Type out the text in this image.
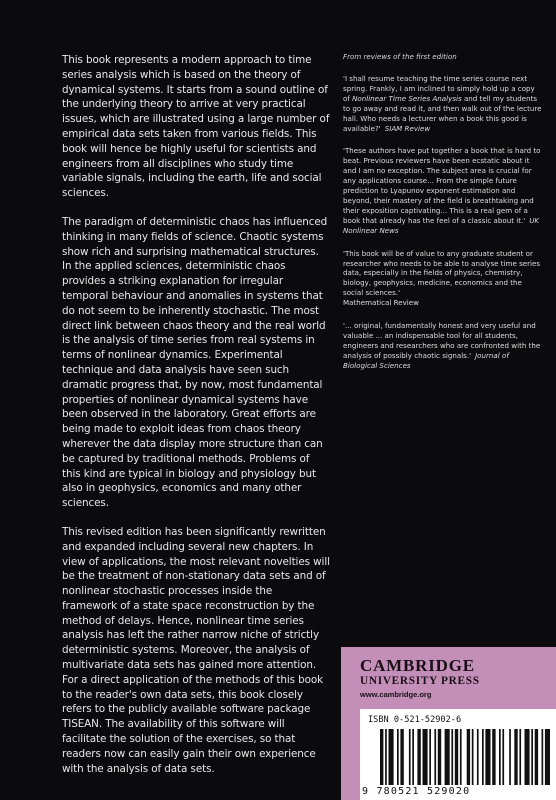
This book represents a modern approach to time series analysis which is based on the theory of dynamical systems. It starts from a sound outline of the underlying theory to arrive at very practical issues, which are illustrated using a large number of empirical data sets taken from various fields. This book will hence be highly useful for scientists and engineers from all disciplines who study time variable signals, including the earth, life and social sciences.

The paradigm of deterministic chaos has influenced thinking in many fields of science. Chaotic systems show rich and surprising mathematical structures. In the applied sciences, deterministic chaos provides a striking explanation for irregular temporal behaviour and anomalies in systems that do not seem to be inherently stochastic. The most direct link between chaos theory and the real world is the analysis of time series from real systems in terms of nonlinear dynamics. Experimental technique and data analysis have seen such dramatic progress that, by now, most fundamental properties of nonlinear dynamical systems have been observed in the laboratory. Great efforts are being made to exploit ideas from chaos theory wherever the data display more structure than can be captured by traditional methods. Problems of this kind are typical in biology and physiology but also in geophysics, economics and many other sciences.

This revised edition has been significantly rewritten and expanded including several new chapters. In view of applications, the most relevant novelties will be the treatment of non-stationary data sets and of nonlinear stochastic processes inside the framework of a state space reconstruction by the method of delays. Hence, nonlinear time series analysis has left the rather narrow niche of strictly deterministic systems. Moreover, the analysis of multivariate data sets has gained more attention. For a direct application of the methods of this book to the reader's own data sets, this book closely refers to the publicly available software package TISEAN. The availability of this software will facilitate the solution of the exercises, so that readers now can easily gain their own experience with the analysis of data sets.

From reviews of the first edition
'I shall resume teaching the time series course next spring. Frankly, I am inclined to simply hold up a copy of Nonlinear Time Series Analysis and tell my students to go away and read it, and then walk out of the lecture hall. Who needs a lecturer when a book this good is available?' SIAM Review
'These authors have put together a book that is hard to beat. Previous reviewers have been ecstatic about it and I am no exception. The subject area is crucial for any applications course... From the simple future prediction to Lyapunov exponent estimation and beyond, their mastery of the field is breathtaking and their exposition captivating... This is a real gem of a book that already has the feel of a classic about it.' UK Nonlinear News
'This book will be of value to any graduate student or researcher who needs to be able to analyse time series data, especially in the fields of physics, chemistry, biology, geophysics, medicine, economics and the social sciences.'
Mathematical Review
'... original, fundamentally honest and very useful and valuable ... an indispensable tool for all students, engineers and researchers who are confronted with the analysis of possibly chaotic signals.' Journal of Biological Sciences
CAMBRIDGE
UNIVERSITY PRESS
www.cambridge.org
ISBN 0-521-52902-6
9 780521 529020
